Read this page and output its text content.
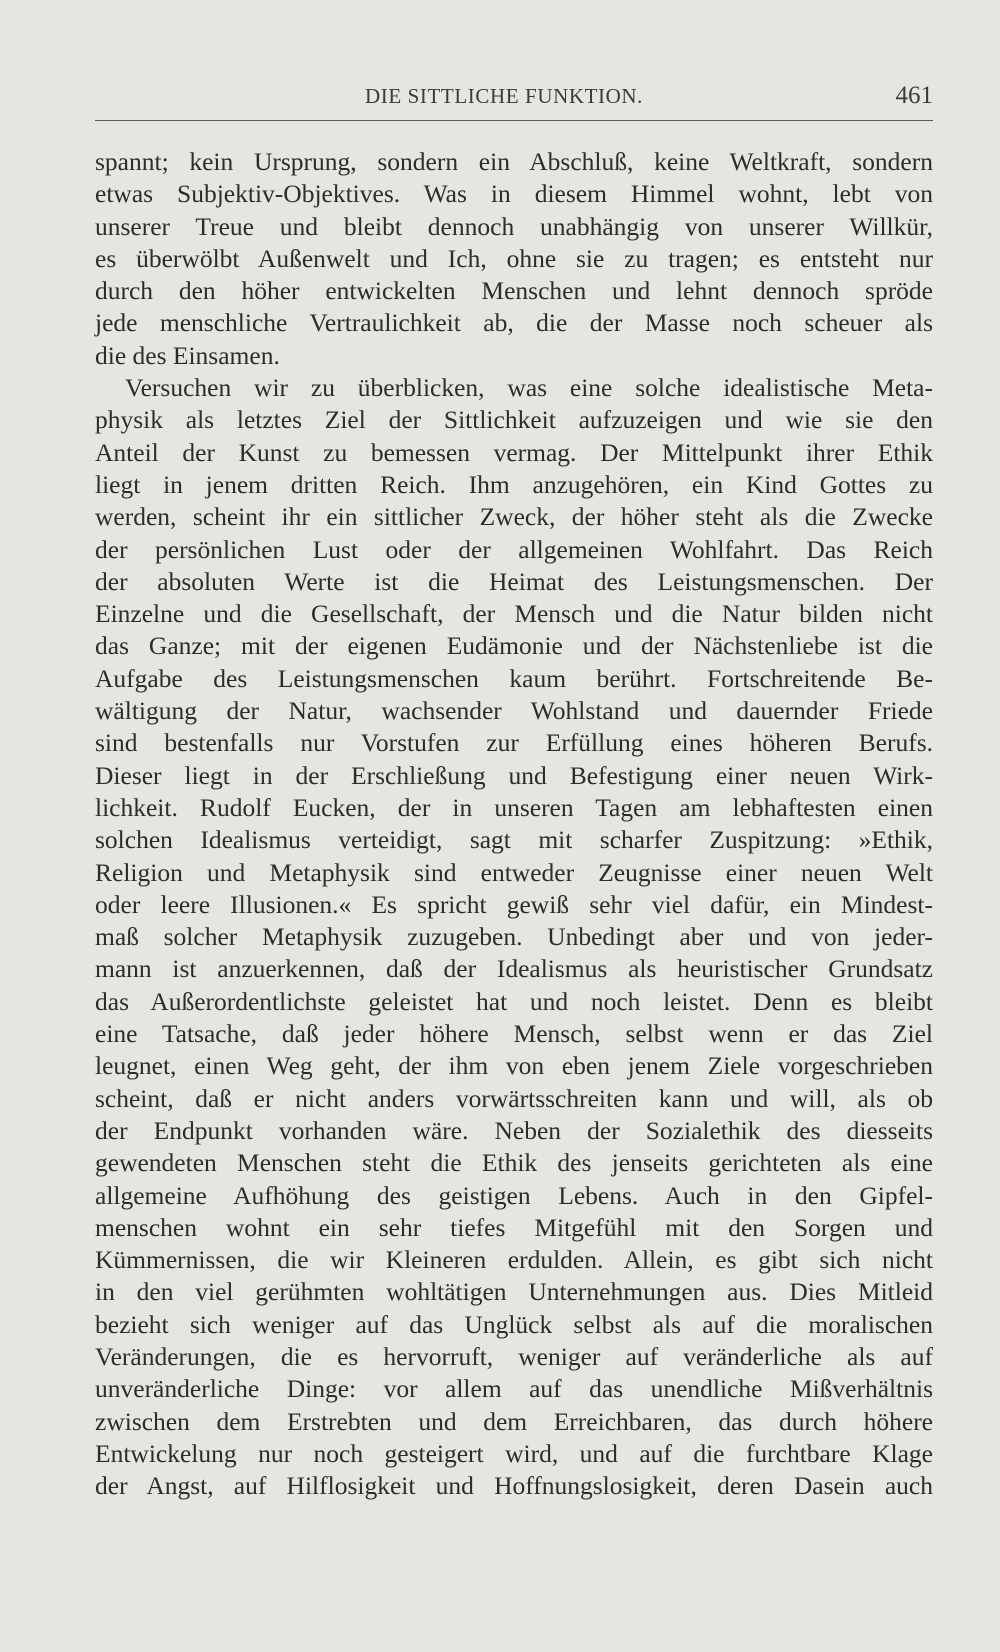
DIE SITTLICHE FUNKTION.	461
spannt; kein Ursprung, sondern ein Abschluß, keine Weltkraft, sondern
etwas Subjektiv-Objektives. Was in diesem Himmel wohnt, lebt von
unserer Treue und bleibt dennoch unabhängig von unserer Willkür,
es überwölbt Außenwelt und Ich, ohne sie zu tragen; es entsteht nur
durch den höher entwickelten Menschen und lehnt dennoch spröde
jede menschliche Vertraulichkeit ab, die der Masse noch scheuer als
die des Einsamen.
Versuchen wir zu überblicken, was eine solche idealistische Meta-
physik als letztes Ziel der Sittlichkeit aufzuzeigen und wie sie den
Anteil der Kunst zu bemessen vermag. Der Mittelpunkt ihrer Ethik
liegt in jenem dritten Reich. Ihm anzugehören, ein Kind Gottes zu
werden, scheint ihr ein sittlicher Zweck, der höher steht als die Zwecke
der persönlichen Lust oder der allgemeinen Wohlfahrt. Das Reich
der absoluten Werte ist die Heimat des Leistungsmenschen. Der
Einzelne und die Gesellschaft, der Mensch und die Natur bilden nicht
das Ganze; mit der eigenen Eudämonie und der Nächstenliebe ist die
Aufgabe des Leistungsmenschen kaum berührt. Fortschreitende Be-
wältigung der Natur, wachsender Wohlstand und dauernder Friede
sind bestenfalls nur Vorstufen zur Erfüllung eines höheren Berufs.
Dieser liegt in der Erschließung und Befestigung einer neuen Wirk-
lichkeit. Rudolf Eucken, der in unseren Tagen am lebhaftesten einen
solchen Idealismus verteidigt, sagt mit scharfer Zuspitzung: »Ethik,
Religion und Metaphysik sind entweder Zeugnisse einer neuen Welt
oder leere Illusionen.« Es spricht gewiß sehr viel dafür, ein Mindest-
maß solcher Metaphysik zuzugeben. Unbedingt aber und von jeder-
mann ist anzuerkennen, daß der Idealismus als heuristischer Grundsatz
das Außerordentlichste geleistet hat und noch leistet. Denn es bleibt
eine Tatsache, daß jeder höhere Mensch, selbst wenn er das Ziel
leugnet, einen Weg geht, der ihm von eben jenem Ziele vorgeschrieben
scheint, daß er nicht anders vorwärtsschreiten kann und will, als ob
der Endpunkt vorhanden wäre. Neben der Sozialethik des diesseits
gewendeten Menschen steht die Ethik des jenseits gerichteten als eine
allgemeine Aufhöhung des geistigen Lebens. Auch in den Gipfel-
menschen wohnt ein sehr tiefes Mitgefühl mit den Sorgen und
Kümmernissen, die wir Kleineren erdulden. Allein, es gibt sich nicht
in den viel gerühmten wohltätigen Unternehmungen aus. Dies Mitleid
bezieht sich weniger auf das Unglück selbst als auf die moralischen
Veränderungen, die es hervorruft, weniger auf veränderliche als auf
unveränderliche Dinge: vor allem auf das unendliche Mißverhältnis
zwischen dem Erstrebten und dem Erreichbaren, das durch höhere
Entwickelung nur noch gesteigert wird, und auf die furchtbare Klage
der Angst, auf Hilflosigkeit und Hoffnungslosigkeit, deren Dasein auch
